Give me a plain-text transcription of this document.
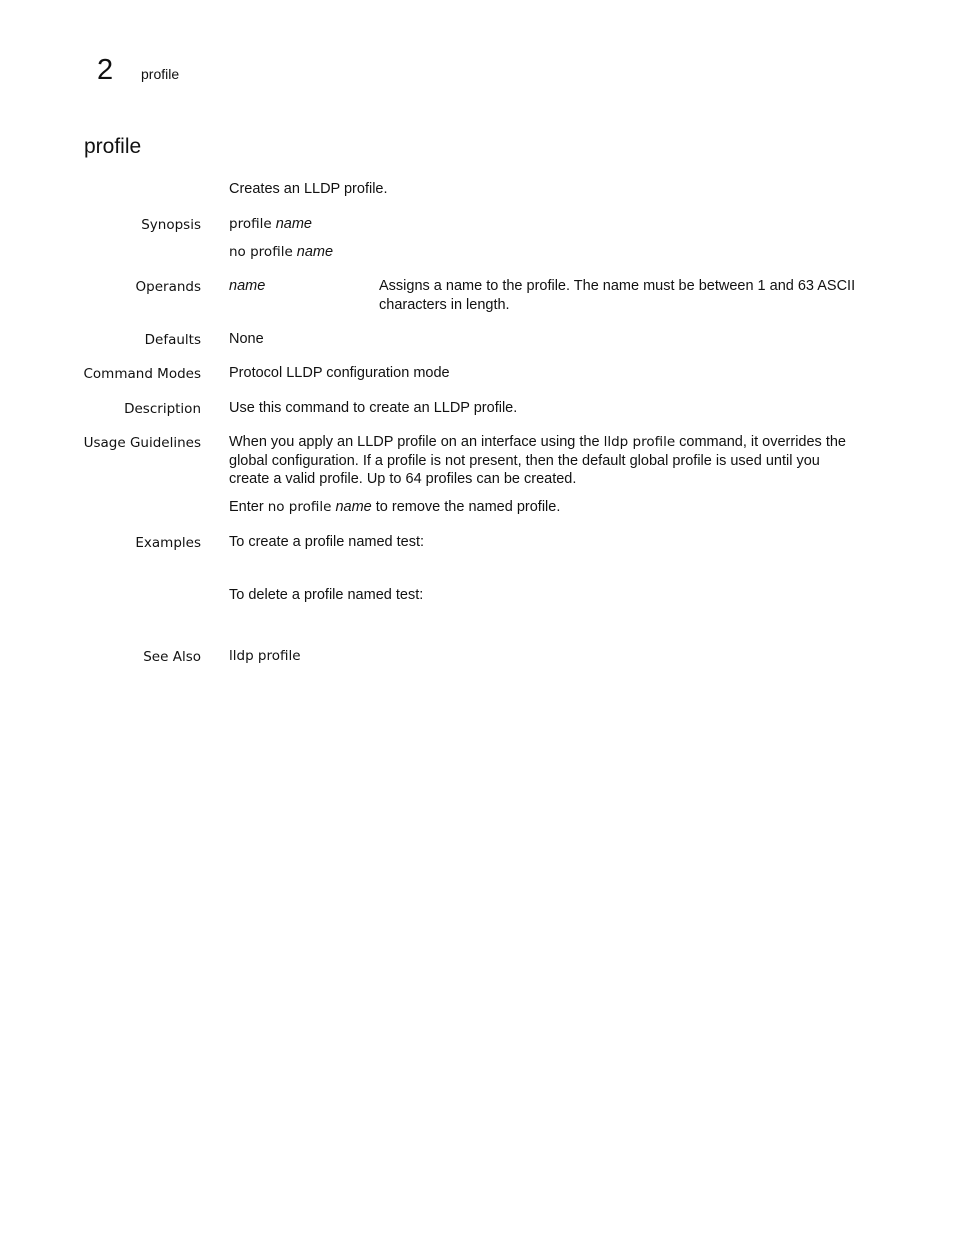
2 profile
profile
Creates an LLDP profile.
Synopsis profile name
no profile name
Operands name	Assigns a name to the profile. The name must be between 1 and 63 ASCII characters in length.
Defaults None
Command Modes Protocol LLDP configuration mode
Description Use this command to create an LLDP profile.
Usage Guidelines When you apply an LLDP profile on an interface using the lldp profile command, it overrides the global configuration. If a profile is not present, then the default global profile is used until you create a valid profile. Up to 64 profiles can be created.
Enter no profile name to remove the named profile.
Examples To create a profile named test:
To delete a profile named test:
See Also lldp profile
